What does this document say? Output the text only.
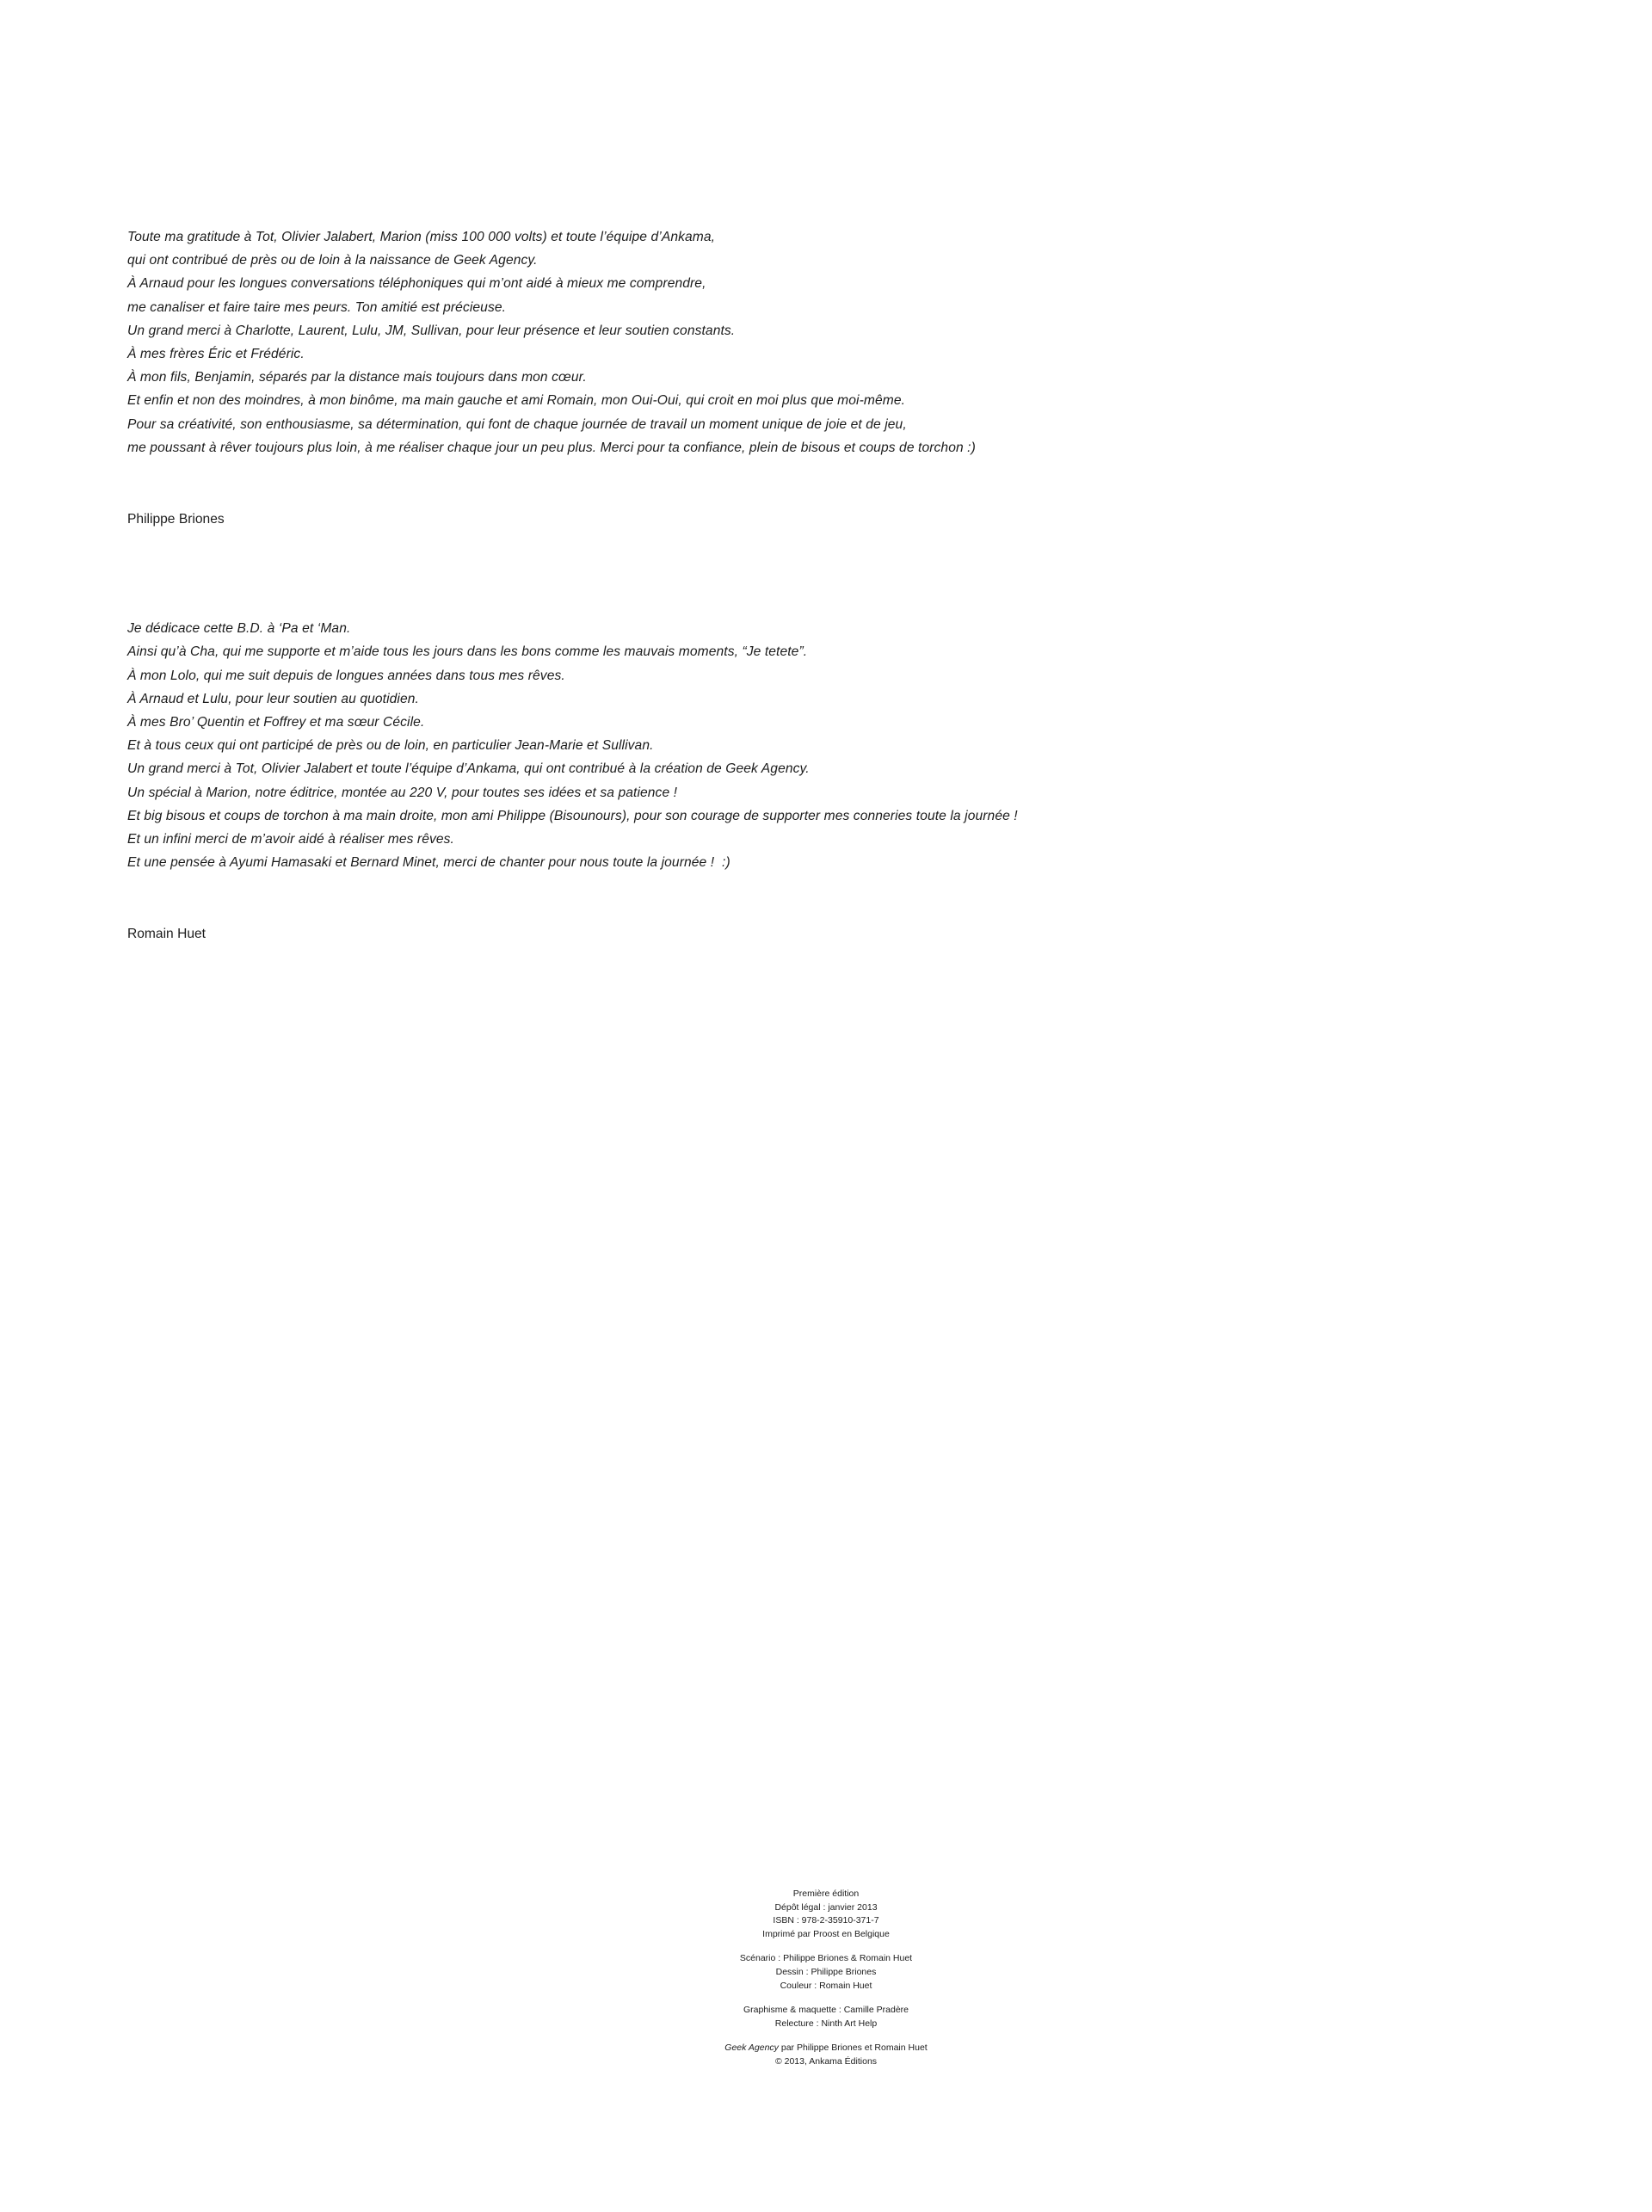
Toute ma gratitude à Tot, Olivier Jalabert, Marion (miss 100 000 volts) et toute l’équipe d’Ankama,
qui ont contribué de près ou de loin à la naissance de Geek Agency.
À Arnaud pour les longues conversations téléphoniques qui m’ont aidé à mieux me comprendre,
me canaliser et faire taire mes peurs. Ton amitié est précieuse.
Un grand merci à Charlotte, Laurent, Lulu, JM, Sullivan, pour leur présence et leur soutien constants.
À mes frères Éric et Frédéric.
À mon fils, Benjamin, séparés par la distance mais toujours dans mon cœur.
Et enfin et non des moindres, à mon binôme, ma main gauche et ami Romain, mon Oui-Oui, qui croit en moi plus que moi-même.
Pour sa créativité, son enthousiasme, sa détermination, qui font de chaque journée de travail un moment unique de joie et de jeu,
me poussant à rêver toujours plus loin, à me réaliser chaque jour un peu plus. Merci pour ta confiance, plein de bisous et coups de torchon :)
Philippe Briones
Je dédicace cette B.D. à ‘Pa et ‘Man.
Ainsi qu’à Cha, qui me supporte et m’aide tous les jours dans les bons comme les mauvais moments, “Je tetete”.
À mon Lolo, qui me suit depuis de longues années dans tous mes rêves.
À Arnaud et Lulu, pour leur soutien au quotidien.
À mes Bro’ Quentin et Foffrey et ma sœur Cécile.
Et à tous ceux qui ont participé de près ou de loin, en particulier Jean-Marie et Sullivan.
Un grand merci à Tot, Olivier Jalabert et toute l’équipe d’Ankama, qui ont contribué à la création de Geek Agency.
Un spécial à Marion, notre éditrice, montée au 220 V, pour toutes ses idées et sa patience !
Et big bisous et coups de torchon à ma main droite, mon ami Philippe (Bisounours), pour son courage de supporter mes conneries toute la journée !
Et un infini merci de m’avoir aidé à réaliser mes rêves.
Et une pensée à Ayumi Hamasaki et Bernard Minet, merci de chanter pour nous toute la journée !  :)
Romain Huet
Première édition
Dépôt légal : janvier 2013
ISBN : 978-2-35910-371-7
Imprimé par Proost en Belgique
Scénario : Philippe Briones & Romain Huet
Dessin : Philippe Briones
Couleur : Romain Huet
Graphisme & maquette : Camille Pradère
Relecture : Ninth Art Help
Geek Agency par Philippe Briones et Romain Huet
© 2013, Ankama Éditions
